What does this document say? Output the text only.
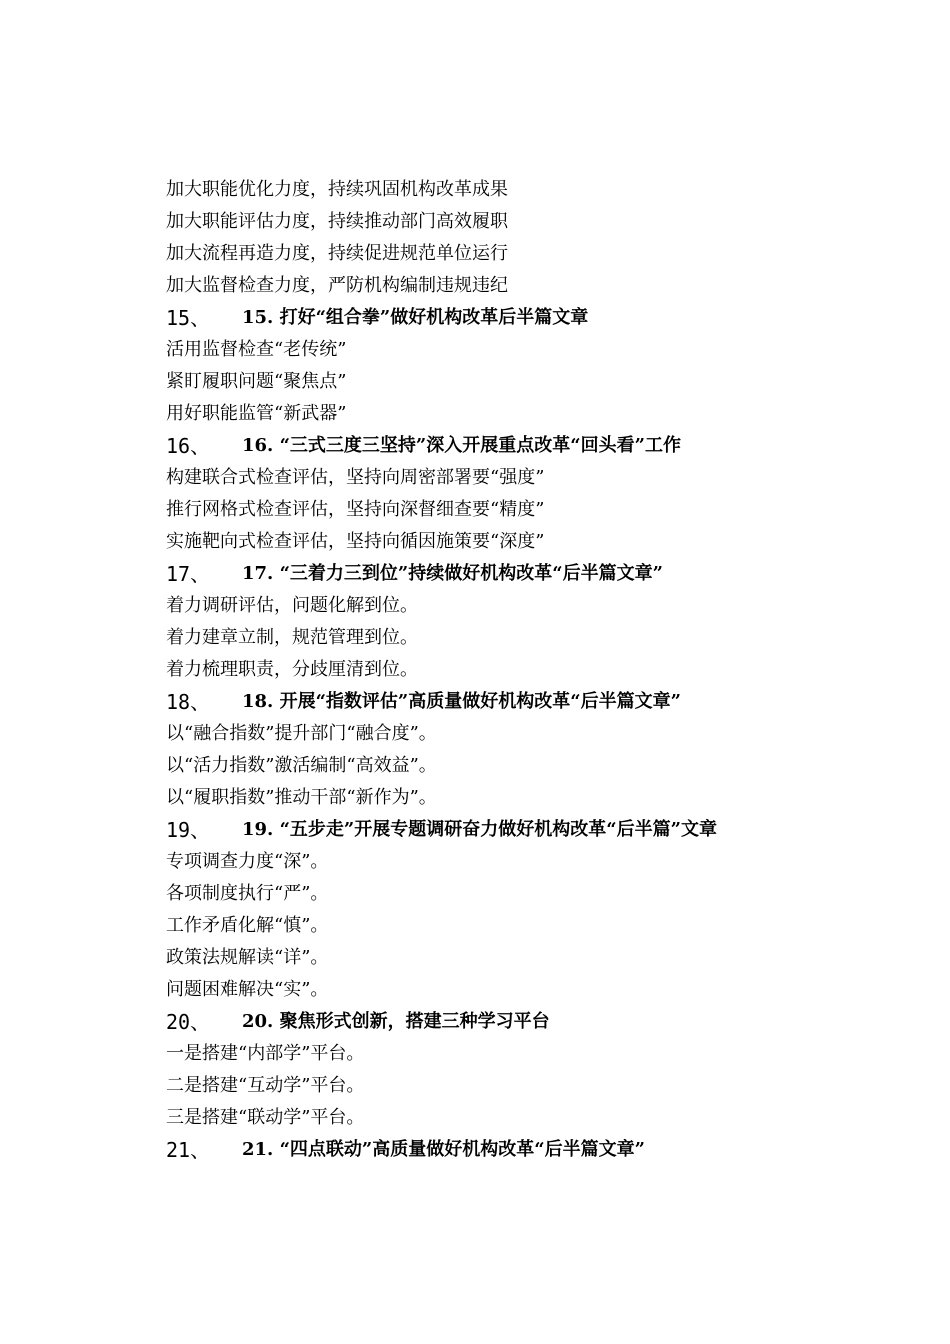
加大职能优化力度，持续巩固机构改革成果
加大职能评估力度，持续推动部门高效履职
加大流程再造力度，持续促进规范单位运行
加大监督检查力度，严防机构编制违规违纪
15、	15. 打好“组合拳”做好机构改革后半篇文章
活用监督检查“老传统”
紧盯履职问题“聚焦点”
用好职能监管“新武器”
16、	16. “三式三度三坚持”深入开展重点改革“回头看”工作
构建联合式检查评估，坚持向周密部署要“强度”
推行网格式检查评估，坚持向深督细查要“精度”
实施靶向式检查评估，坚持向循因施策要“深度”
17、	17. “三着力三到位”持续做好机构改革“后半篇文章”
着力调研评估，问题化解到位。
着力建章立制，规范管理到位。
着力梳理职责，分歧厘清到位。
18、	18. 开展“指数评估”高质量做好机构改革“后半篇文章”
以“融合指数”提升部门“融合度”。
以“活力指数”激活编制“高效益”。
以“履职指数”推动干部“新作为”。
19、	19. “五步走”开展专题调研奋力做好机构改革“后半篇”文章
专项调查力度“深”。
各项制度执行“严”。
工作矛盾化解“慎”。
政策法规解读“详”。
问题困难解决“实”。
20、	20. 聚焦形式创新，搭建三种学习平台
一是搭建“内部学”平台。
二是搭建“互动学”平台。
三是搭建“联动学”平台。
21、	21. “四点联动”高质量做好机构改革“后半篇文章”
